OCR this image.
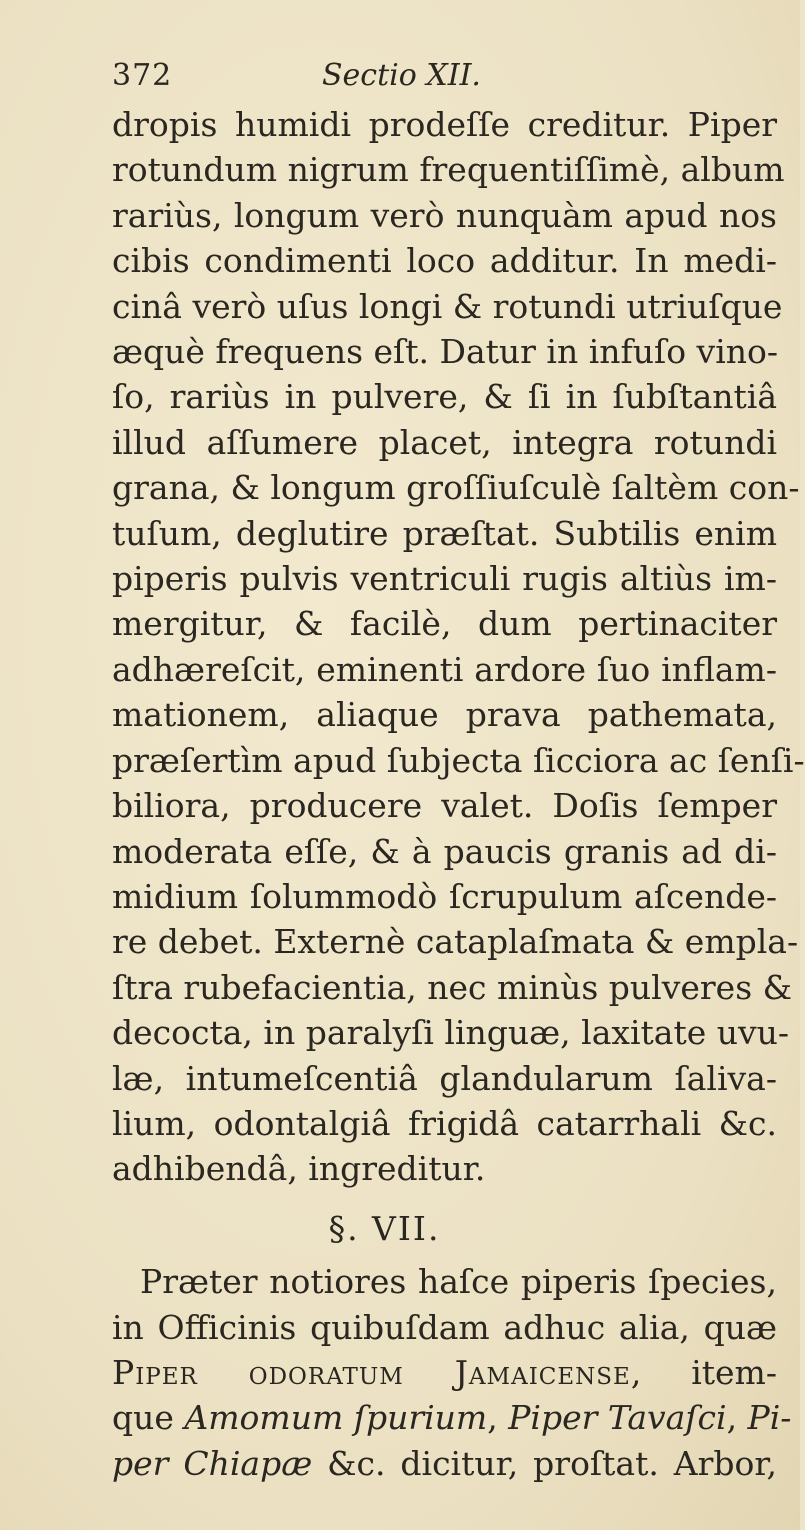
372	Sectio XII.
dropis humidi prodeſſe creditur. Piper
rotundum nigrum frequentiſſimè, album
rariùs, longum verò nunquàm apud nos
cibis condimenti loco additur. In medi-
cinâ verò uſus longi & rotundi utriuſque
æquè frequens eſt. Datur in infuſo vino-
ſo, rariùs in pulvere, & ſi in ſubſtantiâ
illud aſſumere placet, integra rotundi
grana, & longum groſſiuſculè ſaltèm con-
tuſum, deglutire præſtat. Subtilis enim
piperis pulvis ventriculi rugis altiùs im-
mergitur, & facilè, dum pertinaciter
adhæreſcit, eminenti ardore ſuo inflam-
mationem, aliaque prava pathemata,
præſertìm apud ſubjecta ſicciora ac ſenſi-
biliora, producere valet. Doſis ſemper
moderata eſſe, & à paucis granis ad di-
midium ſolummodò ſcrupulum aſcende-
re debet. Externè cataplaſmata & empla-
ſtra rubefacientia, nec minùs pulveres &
decocta, in paralyſi linguæ, laxitate uvu-
læ, intumeſcentiâ glandularum ſaliva-
lium, odontalgiâ frigidâ catarrhali &c.
adhibendâ, ingreditur.
§. VII.
Præter notiores haſce piperis ſpecies,
in Officinis quibuſdam adhuc alia, quæ
Piper odoratum Jamaicense, item-
que Amomum ſpurium, Piper Tavaſci, Pi-
per Chiapæ &c. dicitur, proſtat. Arbor,
